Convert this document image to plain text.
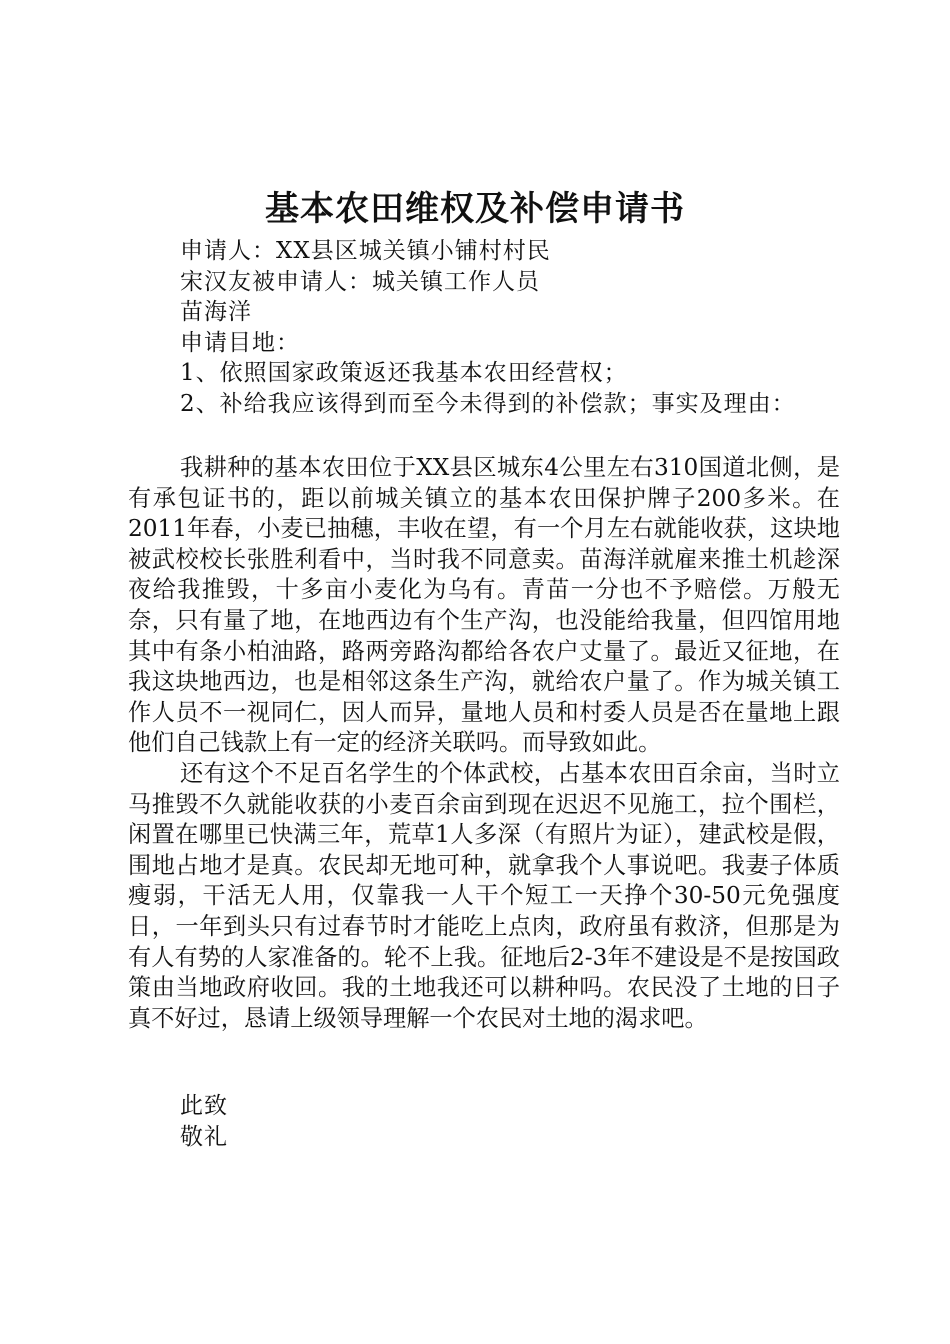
基本农田维权及补偿申请书
申请人：XX县区城关镇小铺村村民
宋汉友被申请人：城关镇工作人员
苗海洋
申请目地：
1、依照国家政策返还我基本农田经营权；
2、补给我应该得到而至今未得到的补偿款；事实及理由：

我耕种的基本农田位于XX县区城东4公里左右310国道北侧，是有承包证书的，距以前城关镇立的基本农田保护牌子200多米。在2011年春，小麦已抽穗，丰收在望，有一个月左右就能收获，这块地被武校校长张胜利看中，当时我不同意卖。苗海洋就雇来推土机趁深夜给我推毁，十多亩小麦化为乌有。青苗一分也不予赔偿。万般无奈，只有量了地，在地西边有个生产沟，也没能给我量，但四馆用地其中有条小柏油路，路两旁路沟都给各农户丈量了。最近又征地，在我这块地西边，也是相邻这条生产沟，就给农户量了。作为城关镇工作人员不一视同仁，因人而异，量地人员和村委人员是否在量地上跟他们自己钱款上有一定的经济关联吗。而导致如此。

还有这个不足百名学生的个体武校，占基本农田百余亩，当时立马推毁不久就能收获的小麦百余亩到现在迟迟不见施工，拉个围栏，闲置在哪里已快满三年，荒草1人多深（有照片为证），建武校是假，围地占地才是真。农民却无地可种，就拿我个人事说吧。我妻子体质瘦弱，干活无人用，仅靠我一人干个短工一天挣个30-50元免强度日，一年到头只有过春节时才能吃上点肉，政府虽有救济，但那是为有人有势的人家准备的。轮不上我。征地后2-3年不建设是不是按国政策由当地政府收回。我的土地我还可以耕种吗。农民没了土地的日子真不好过，恳请上级领导理解一个农民对土地的渴求吧。

此致
敬礼
